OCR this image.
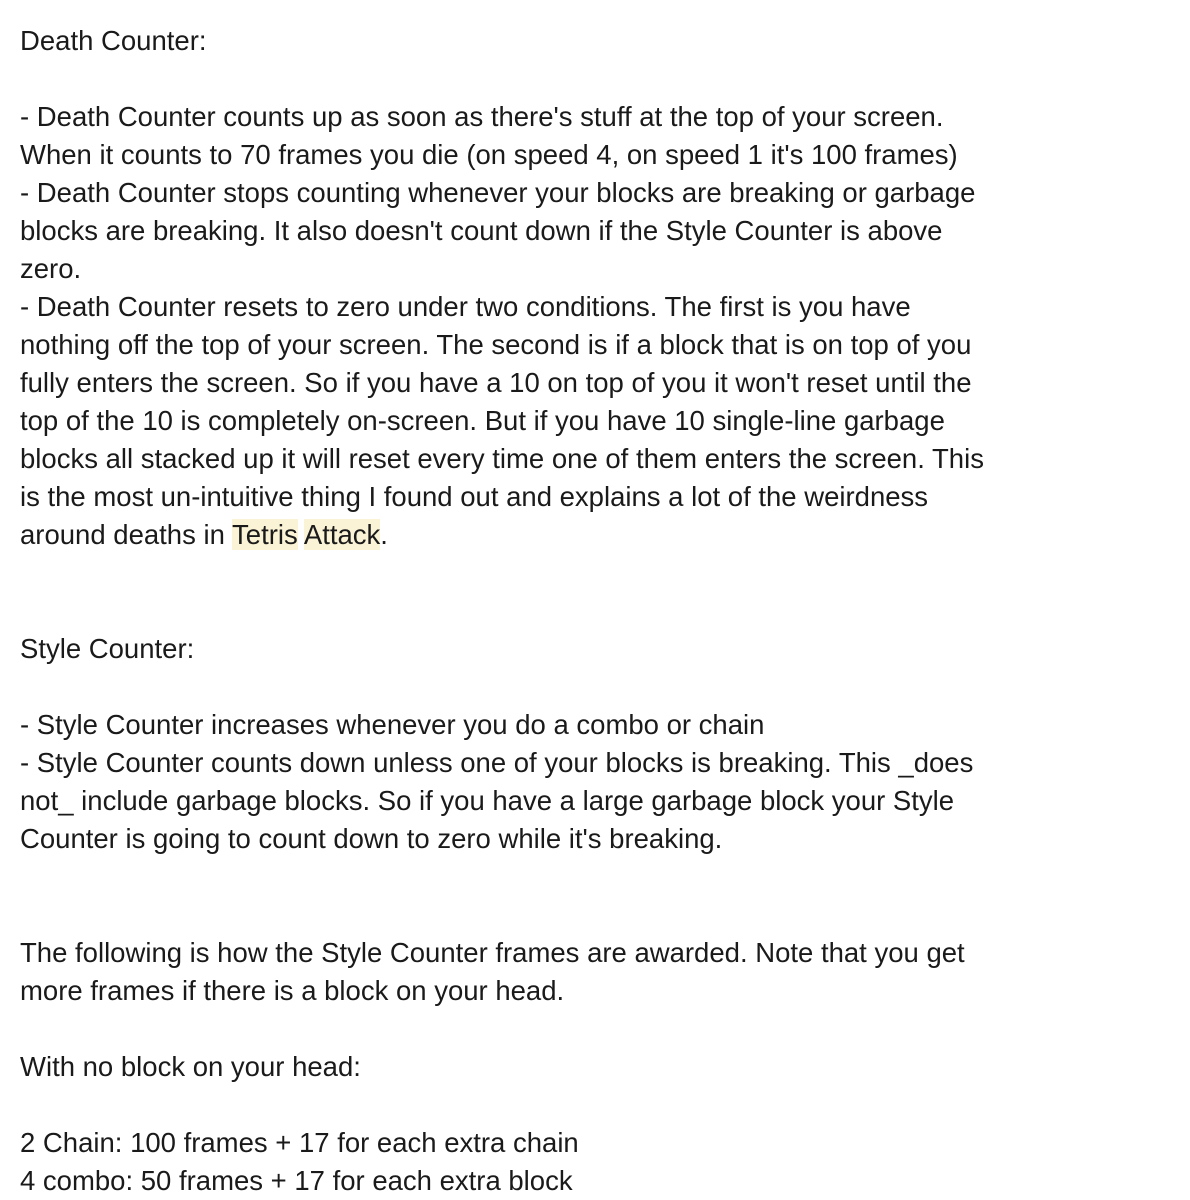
Death Counter:
- Death Counter counts up as soon as there's stuff at the top of your screen.
When it counts to 70 frames you die (on speed 4, on speed 1 it's 100 frames)
- Death Counter stops counting whenever your blocks are breaking or garbage
blocks are breaking. It also doesn't count down if the Style Counter is above
zero.
- Death Counter resets to zero under two conditions. The first is you have
nothing off the top of your screen. The second is if a block that is on top of you
fully enters the screen. So if you have a 10 on top of you it won't reset until the
top of the 10 is completely on-screen. But if you have 10 single-line garbage
blocks all stacked up it will reset every time one of them enters the screen. This
is the most un-intuitive thing I found out and explains a lot of the weirdness
around deaths in Tetris Attack.
Style Counter:
- Style Counter increases whenever you do a combo or chain
- Style Counter counts down unless one of your blocks is breaking. This _does
not_ include garbage blocks. So if you have a large garbage block your Style
Counter is going to count down to zero while it's breaking.
The following is how the Style Counter frames are awarded. Note that you get
more frames if there is a block on your head.
With no block on your head:
2 Chain: 100 frames + 17 for each extra chain
4 combo: 50 frames + 17 for each extra block
